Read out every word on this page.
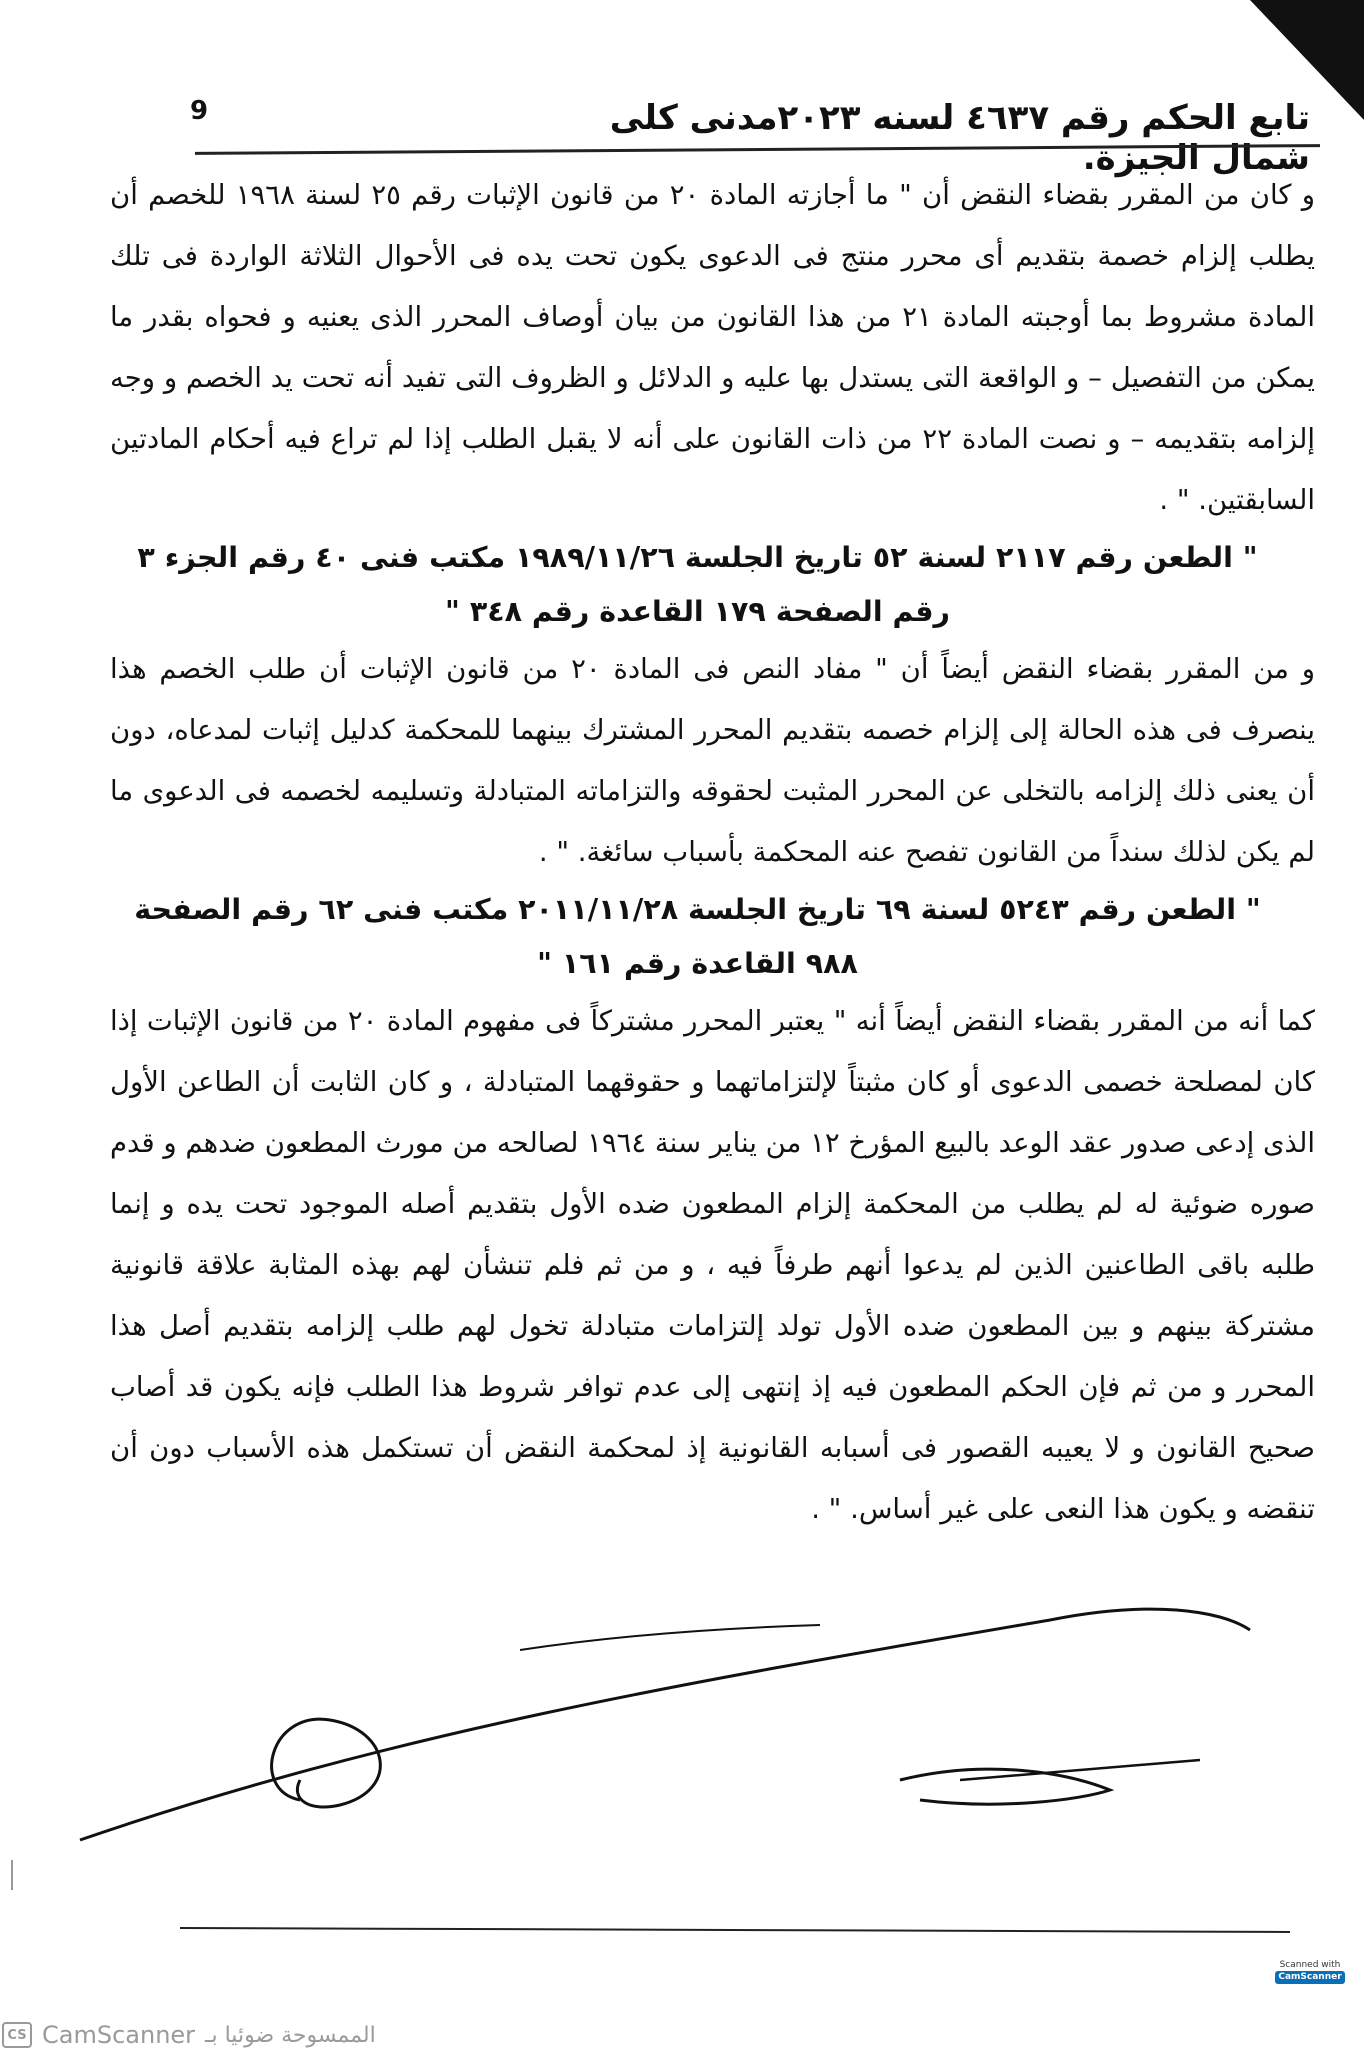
9	تابع الحكم رقم ٤٦٣٧ لسنه ٢٠٢٣مدنى كلى شمال الجيزة.

و كان من المقرر بقضاء النقض أن " ما أجازته المادة ٢٠ من قانون الإثبات رقم ٢٥ لسنة ١٩٦٨ للخصم أن يطلب إلزام خصمة بتقديم أى محرر منتج فى الدعوى يكون تحت يده فى الأحوال الثلاثة الواردة فى تلك المادة مشروط بما أوجبته المادة ٢١ من هذا القانون من بيان أوصاف المحرر الذى يعنيه و فحواه بقدر ما يمكن من التفصيل – و الواقعة التى يستدل بها عليه و الدلائل و الظروف التى تفيد أنه تحت يد الخصم و وجه إلزامه بتقديمه – و نصت المادة ٢٢ من ذات القانون على أنه لا يقبل الطلب إذا لم تراع فيه أحكام المادتين السابقتين. " .

" الطعن رقم ٢١١٧ لسنة ٥٢ تاريخ الجلسة ١٩٨٩/١١/٢٦ مكتب فنى ٤٠ رقم الجزء ٣ رقم الصفحة ١٧٩ القاعدة رقم ٣٤٨ "

و من المقرر بقضاء النقض أيضاً أن " مفاد النص فى المادة ٢٠ من قانون الإثبات أن طلب الخصم هذا ينصرف فى هذه الحالة إلى إلزام خصمه بتقديم المحرر المشترك بينهما للمحكمة كدليل إثبات لمدعاه، دون أن يعنى ذلك إلزامه بالتخلى عن المحرر المثبت لحقوقه والتزاماته المتبادلة وتسليمه لخصمه فى الدعوى ما لم يكن لذلك سنداً من القانون تفصح عنه المحكمة بأسباب سائغة. " .

" الطعن رقم ٥٢٤٣ لسنة ٦٩ تاريخ الجلسة ٢٠١١/١١/٢٨ مكتب فنى ٦٢ رقم الصفحة ٩٨٨ القاعدة رقم ١٦١ "

كما أنه من المقرر بقضاء النقض أيضاً أنه " يعتبر المحرر مشتركاً فى مفهوم المادة ٢٠ من قانون الإثبات إذا كان لمصلحة خصمى الدعوى أو كان مثبتاً لإلتزاماتهما و حقوقهما المتبادلة ، و كان الثابت أن الطاعن الأول الذى إدعى صدور عقد الوعد بالبيع المؤرخ ١٢ من يناير سنة ١٩٦٤ لصالحه من مورث المطعون ضدهم و قدم صوره ضوئية له لم يطلب من المحكمة إلزام المطعون ضده الأول بتقديم أصله الموجود تحت يده و إنما طلبه باقى الطاعنين الذين لم يدعوا أنهم طرفاً فيه ، و من ثم فلم تنشأن لهم بهذه المثابة علاقة قانونية مشتركة بينهم و بين المطعون ضده الأول تولد إلتزامات متبادلة تخول لهم طلب إلزامه بتقديم أصل هذا المحرر و من ثم فإن الحكم المطعون فيه إذ إنتهى إلى عدم توافر شروط هذا الطلب فإنه يكون قد أصاب صحيح القانون و لا يعيبه القصور فى أسبابه القانونية إذ لمحكمة النقض أن تستكمل هذه الأسباب دون أن تنقضه و يكون هذا النعى على غير أساس. " .

Scanned with
CamScanner
CS CamScanner الممسوحة ضوئيا بـ
